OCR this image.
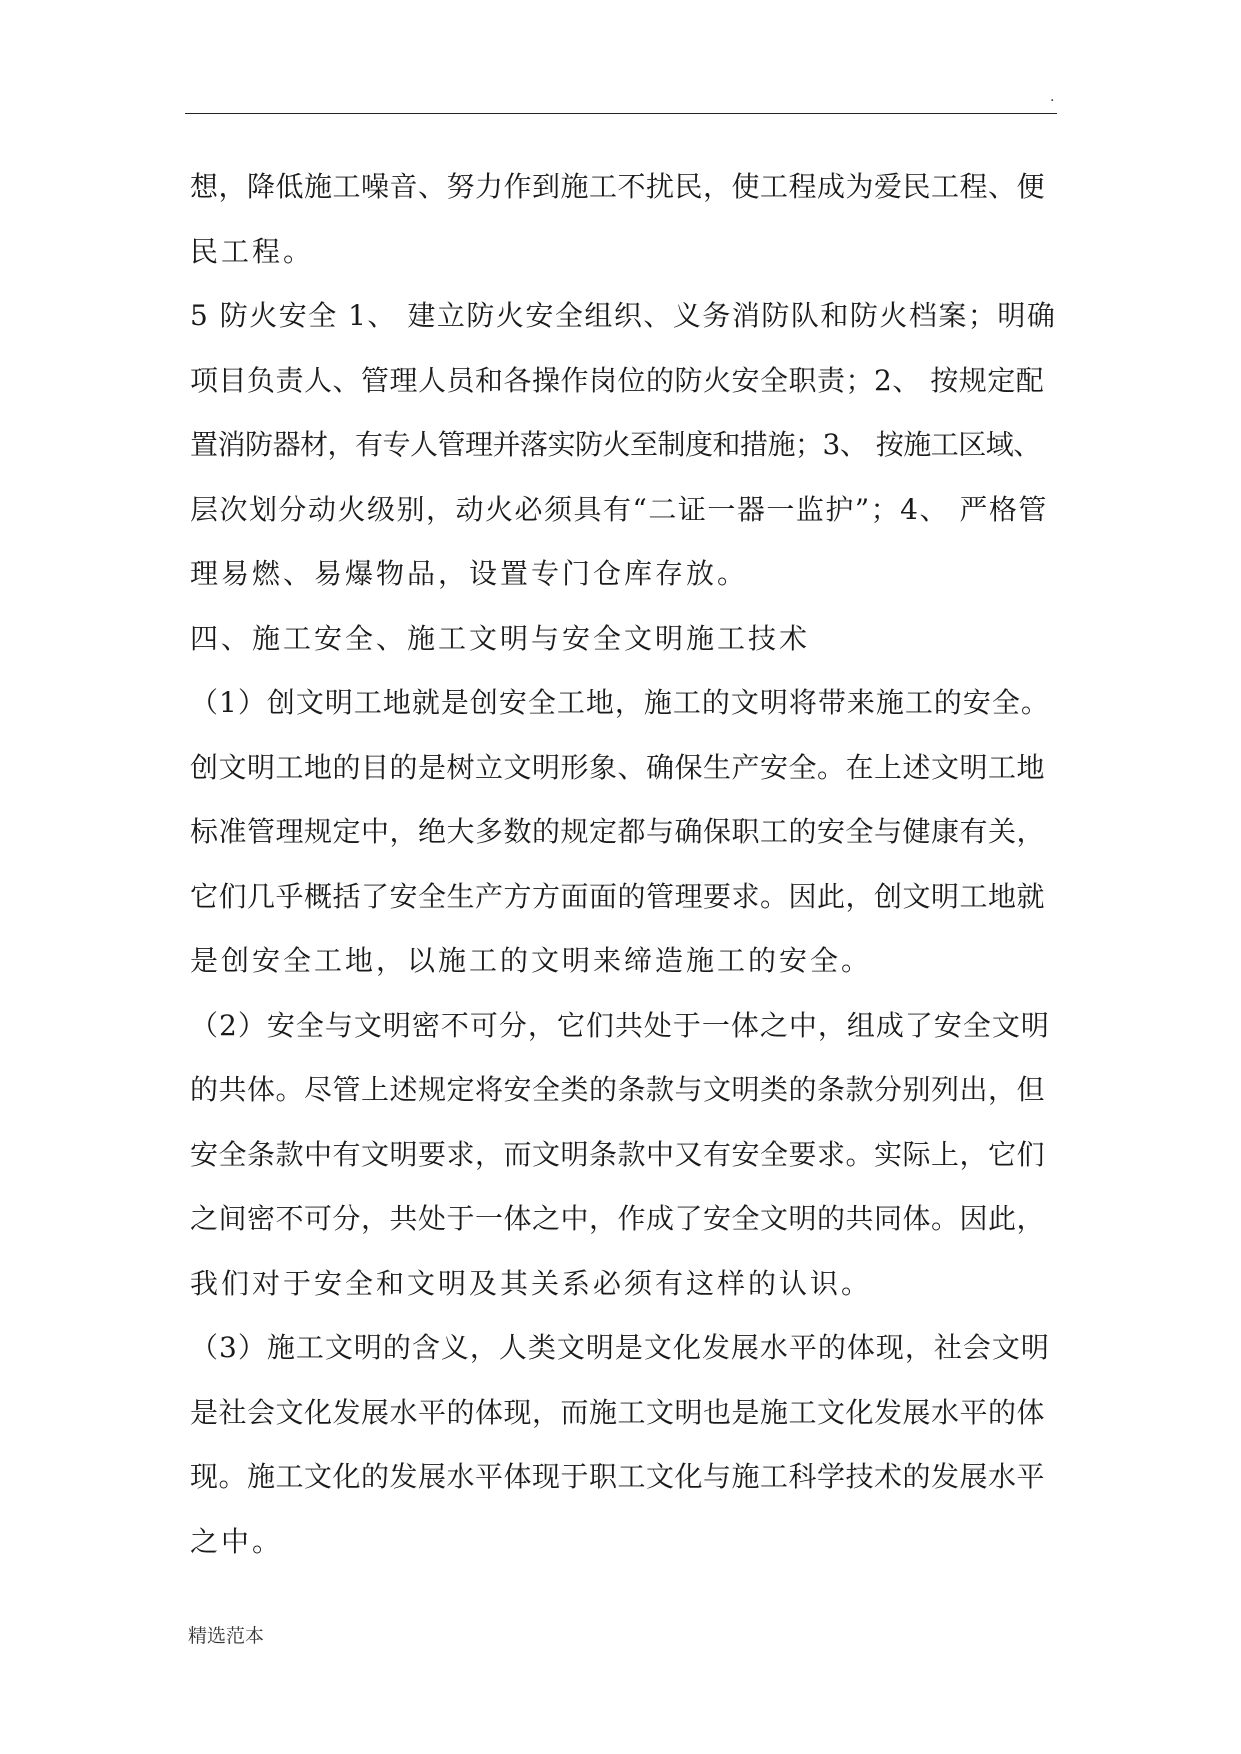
.
想，降低施工噪音、努力作到施工不扰民，使工程成为爱民工程、便
民工程。
5 防火安全 1、 建立防火安全组织、义务消防队和防火档案；明确
项目负责人、管理人员和各操作岗位的防火安全职责；2、 按规定配
置消防器材，有专人管理并落实防火至制度和措施；3、 按施工区域、
层次划分动火级别，动火必须具有“二证一器一监护”；4、 严格管
理易燃、易爆物品，设置专门仓库存放。
四、施工安全、施工文明与安全文明施工技术
（1）创文明工地就是创安全工地，施工的文明将带来施工的安全。
创文明工地的目的是树立文明形象、确保生产安全。在上述文明工地
标准管理规定中，绝大多数的规定都与确保职工的安全与健康有关，
它们几乎概括了安全生产方方面面的管理要求。因此，创文明工地就
是创安全工地，以施工的文明来缔造施工的安全。
（2）安全与文明密不可分，它们共处于一体之中，组成了安全文明
的共体。尽管上述规定将安全类的条款与文明类的条款分别列出，但
安全条款中有文明要求，而文明条款中又有安全要求。实际上，它们
之间密不可分，共处于一体之中，作成了安全文明的共同体。因此，
我们对于安全和文明及其关系必须有这样的认识。
（3）施工文明的含义，人类文明是文化发展水平的体现，社会文明
是社会文化发展水平的体现，而施工文明也是施工文化发展水平的体
现。施工文化的发展水平体现于职工文化与施工科学技术的发展水平
之中。
精选范本
